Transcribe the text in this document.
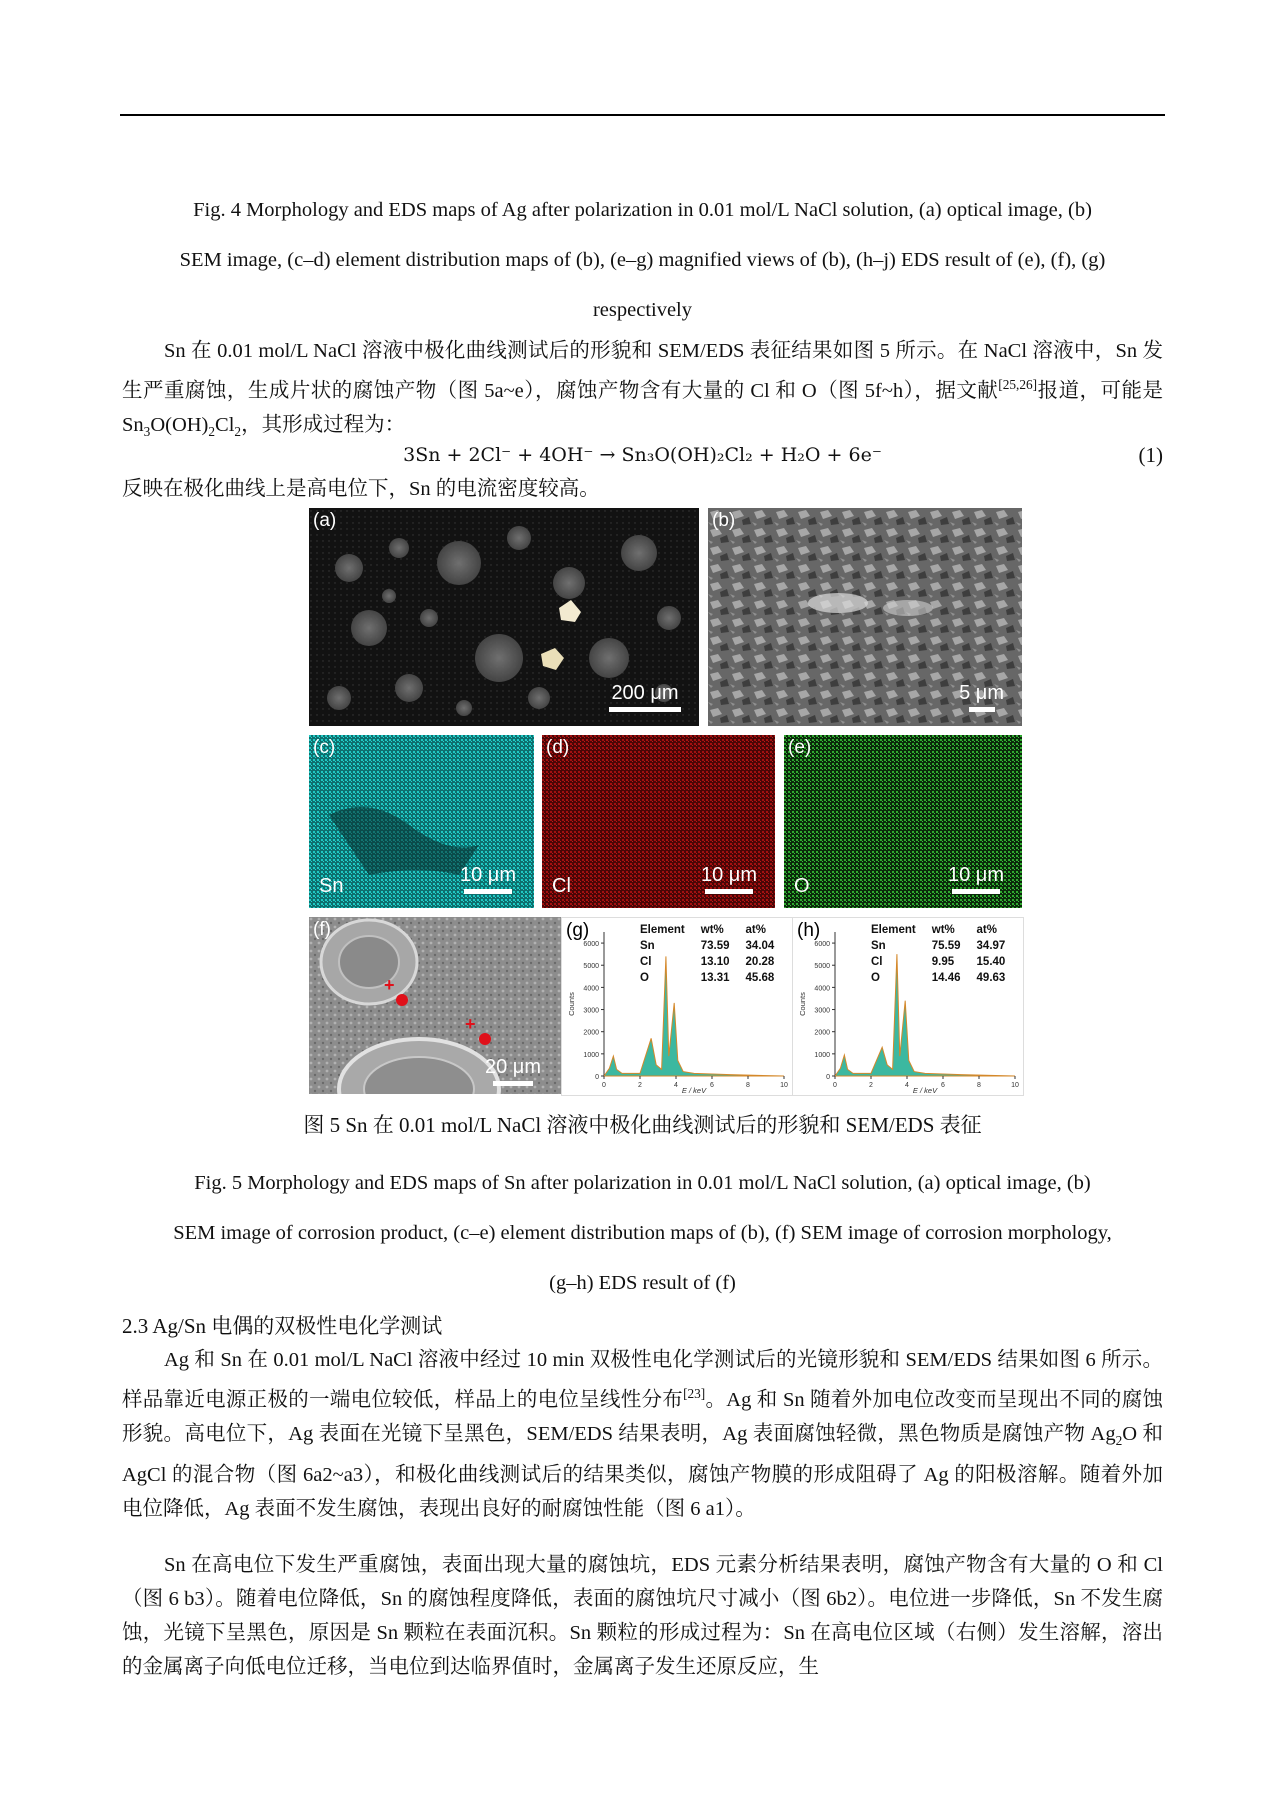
Fig. 4 Morphology and EDS maps of Ag after polarization in 0.01 mol/L NaCl solution, (a) optical image, (b)
SEM image, (c–d) element distribution maps of (b), (e–g) magnified views of (b), (h–j) EDS result of (e), (f), (g)
respectively
Sn 在 0.01 mol/L NaCl 溶液中极化曲线测试后的形貌和 SEM/EDS 表征结果如图 5 所示。在 NaCl 溶液中，Sn 发生严重腐蚀，生成片状的腐蚀产物（图 5a~e），腐蚀产物含有大量的 Cl 和 O（图 5f~h），据文献[25,26]报道，可能是 $Sn_3O(OH)_2Cl_2$，其形成过程为：
3Sn + 2Cl⁻ + 4OH⁻ → Sn₃O(OH)₂Cl₂ + H₂O + 6e⁻	(1)
反映在极化曲线上是高电位下，Sn 的电流密度较高。
(a)
200 μm
(b)
5 μm
(c)
Sn	10 μm
(d)
Cl	10 μm
(e)
O	10 μm
+
+
(f)
20 μm
(g)	Element	wt%	at%
Sn	73.59	34.04
Cl	13.10	20.28
O	13.31	45.68
0
1000
2000
3000
4000
5000
6000
0	2	4	6	8	10
E / keV
Counts
(h)	Element	wt%	at%
Sn	75.59	34.97
Cl	9.95	15.40
O	14.46	49.63
0
1000
2000
3000
4000
5000
6000
0	2	4	6	8	10
E / keV
Counts
图 5 Sn 在 0.01 mol/L NaCl 溶液中极化曲线测试后的形貌和 SEM/EDS 表征
Fig. 5 Morphology and EDS maps of Sn after polarization in 0.01 mol/L NaCl solution, (a) optical image, (b)
SEM image of corrosion product, (c–e) element distribution maps of (b), (f) SEM image of corrosion morphology,
(g–h) EDS result of (f)
2.3 Ag/Sn 电偶的双极性电化学测试
Ag 和 Sn 在 0.01 mol/L NaCl 溶液中经过 10 min 双极性电化学测试后的光镜形貌和 SEM/EDS 结果如图 6 所示。样品靠近电源正极的一端电位较低，样品上的电位呈线性分布[23]。Ag 和 Sn 随着外加电位改变而呈现出不同的腐蚀形貌。高电位下，Ag 表面在光镜下呈黑色，SEM/EDS 结果表明，Ag 表面腐蚀轻微，黑色物质是腐蚀产物 $Ag_2O$ 和 AgCl 的混合物（图 6a2~a3），和极化曲线测试后的结果类似，腐蚀产物膜的形成阻碍了 Ag 的阳极溶解。随着外加电位降低，Ag 表面不发生腐蚀，表现出良好的耐腐蚀性能（图 6 a1）。
Sn 在高电位下发生严重腐蚀，表面出现大量的腐蚀坑，EDS 元素分析结果表明，腐蚀产物含有大量的 O 和 Cl（图 6 b3）。随着电位降低，Sn 的腐蚀程度降低，表面的腐蚀坑尺寸减小（图 6b2）。电位进一步降低，Sn 不发生腐蚀，光镜下呈黑色，原因是 Sn 颗粒在表面沉积。Sn 颗粒的形成过程为：Sn 在高电位区域（右侧）发生溶解，溶出的金属离子向低电位迁移，当电位到达临界值时，金属离子发生还原反应，生
